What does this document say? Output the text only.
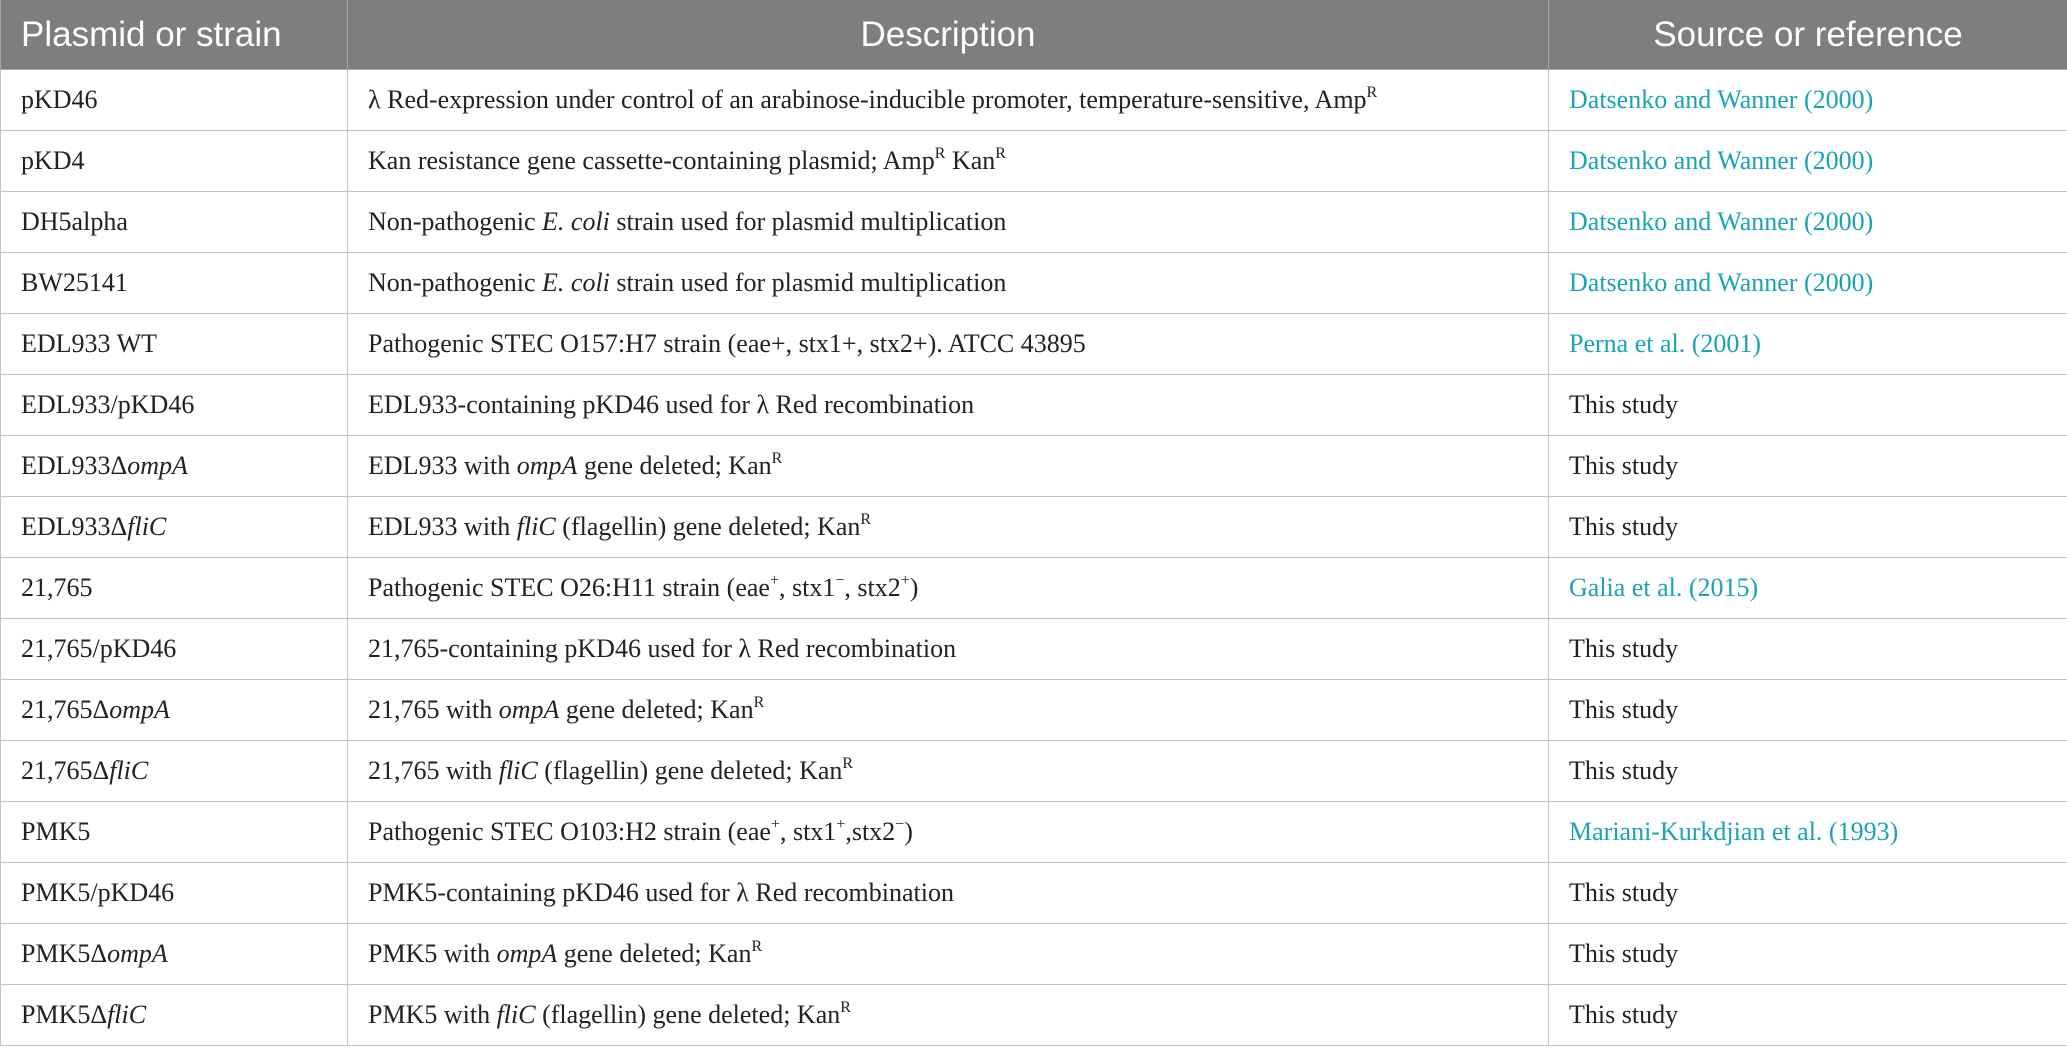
Plasmid or strain	Description	Source or reference
pKD46	λ Red-expression under control of an arabinose-inducible promoter, temperature-sensitive, Amp$^R$	Datsenko and Wanner (2000)
pKD4	Kan resistance gene cassette-containing plasmid; Amp$^R$ Kan$^R$	Datsenko and Wanner (2000)
DH5alpha	Non-pathogenic E. coli strain used for plasmid multiplication	Datsenko and Wanner (2000)
BW25141	Non-pathogenic E. coli strain used for plasmid multiplication	Datsenko and Wanner (2000)
EDL933 WT	Pathogenic STEC O157:H7 strain (eae+, stx1+, stx2+). ATCC 43895	Perna et al. (2001)
EDL933/pKD46	EDL933-containing pKD46 used for λ Red recombination	This study
EDL933ΔompA	EDL933 with ompA gene deleted; Kan$^R$	This study
EDL933ΔfliC	EDL933 with fliC (flagellin) gene deleted; Kan$^R$	This study
21,765	Pathogenic STEC O26:H11 strain (eae+, stx1−, stx2+)	Galia et al. (2015)
21,765/pKD46	21,765-containing pKD46 used for λ Red recombination	This study
21,765ΔompA	21,765 with ompA gene deleted; Kan$^R$	This study
21,765ΔfliC	21,765 with fliC (flagellin) gene deleted; Kan$^R$	This study
PMK5	Pathogenic STEC O103:H2 strain (eae+, stx1+,stx2−)	Mariani-Kurkdjian et al. (1993)
PMK5/pKD46	PMK5-containing pKD46 used for λ Red recombination	This study
PMK5ΔompA	PMK5 with ompA gene deleted; Kan$^R$	This study
PMK5ΔfliC	PMK5 with fliC (flagellin) gene deleted; Kan$^R$	This study
